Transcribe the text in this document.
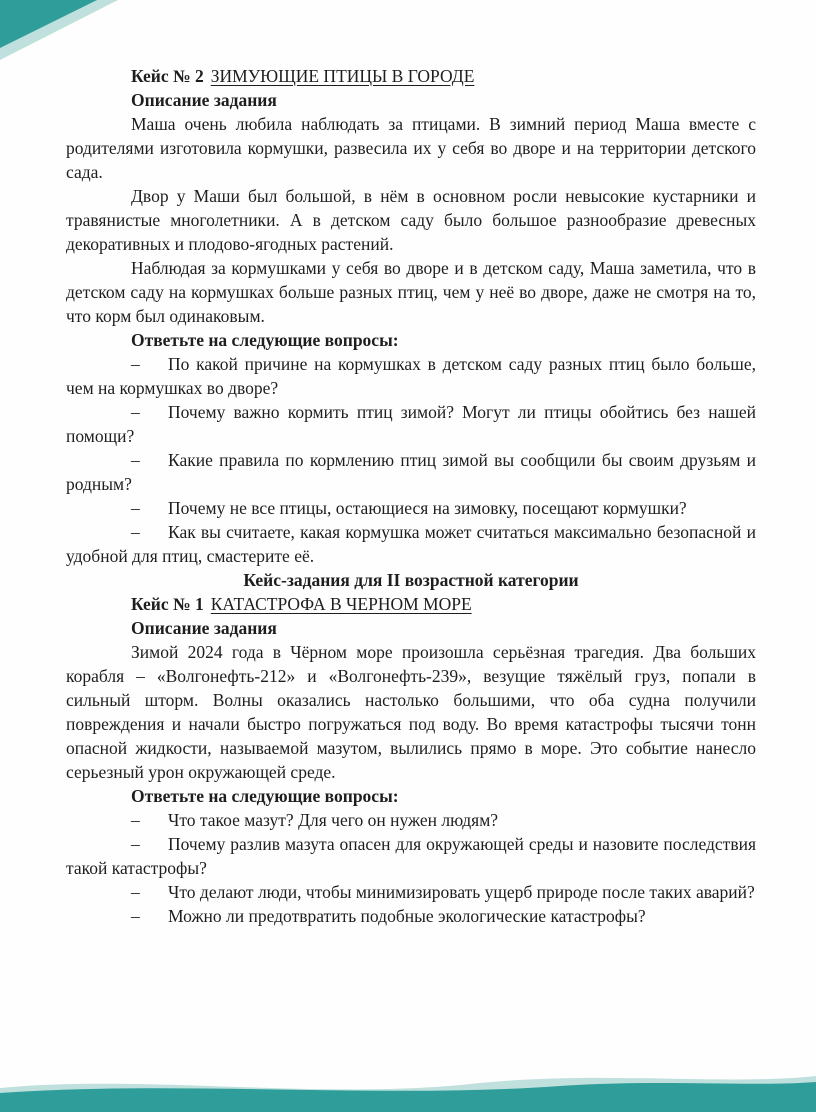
Кейс № 2 ЗИМУЮЩИЕ ПТИЦЫ В ГОРОДЕ

Описание задания

Маша очень любила наблюдать за птицами. В зимний период Маша вместе с родителями изготовила кормушки, развесила их у себя во дворе и на территории детского сада.

Двор у Маши был большой, в нём в основном росли невысокие кустарники и травянистые многолетники. А в детском саду было большое разнообразие древесных декоративных и плодово-ягодных растений.

Наблюдая за кормушками у себя во дворе и в детском саду, Маша заметила, что в детском саду на кормушках больше разных птиц, чем у неё во дворе, даже не смотря на то, что корм был одинаковым.

Ответьте на следующие вопросы:

– По какой причине на кормушках в детском саду разных птиц было больше, чем на кормушках во дворе?

– Почему важно кормить птиц зимой? Могут ли птицы обойтись без нашей помощи?

– Какие правила по кормлению птиц зимой вы сообщили бы своим друзьям и родным?

– Почему не все птицы, остающиеся на зимовку, посещают кормушки?

– Как вы считаете, какая кормушка может считаться максимально безопасной и удобной для птиц, смастерите её.

Кейс-задания для II возрастной категории

Кейс № 1 КАТАСТРОФА В ЧЕРНОМ МОРЕ

Описание задания

Зимой 2024 года в Чёрном море произошла серьёзная трагедия. Два больших корабля – «Волгонефть-212» и «Волгонефть-239», везущие тяжёлый груз, попали в сильный шторм. Волны оказались настолько большими, что оба судна получили повреждения и начали быстро погружаться под воду. Во время катастрофы тысячи тонн опасной жидкости, называемой мазутом, вылились прямо в море. Это событие нанесло серьезный урон окружающей среде.

Ответьте на следующие вопросы:

– Что такое мазут? Для чего он нужен людям?

– Почему разлив мазута опасен для окружающей среды и назовите последствия такой катастрофы?

– Что делают люди, чтобы минимизировать ущерб природе после таких аварий?

– Можно ли предотвратить подобные экологические катастрофы?
